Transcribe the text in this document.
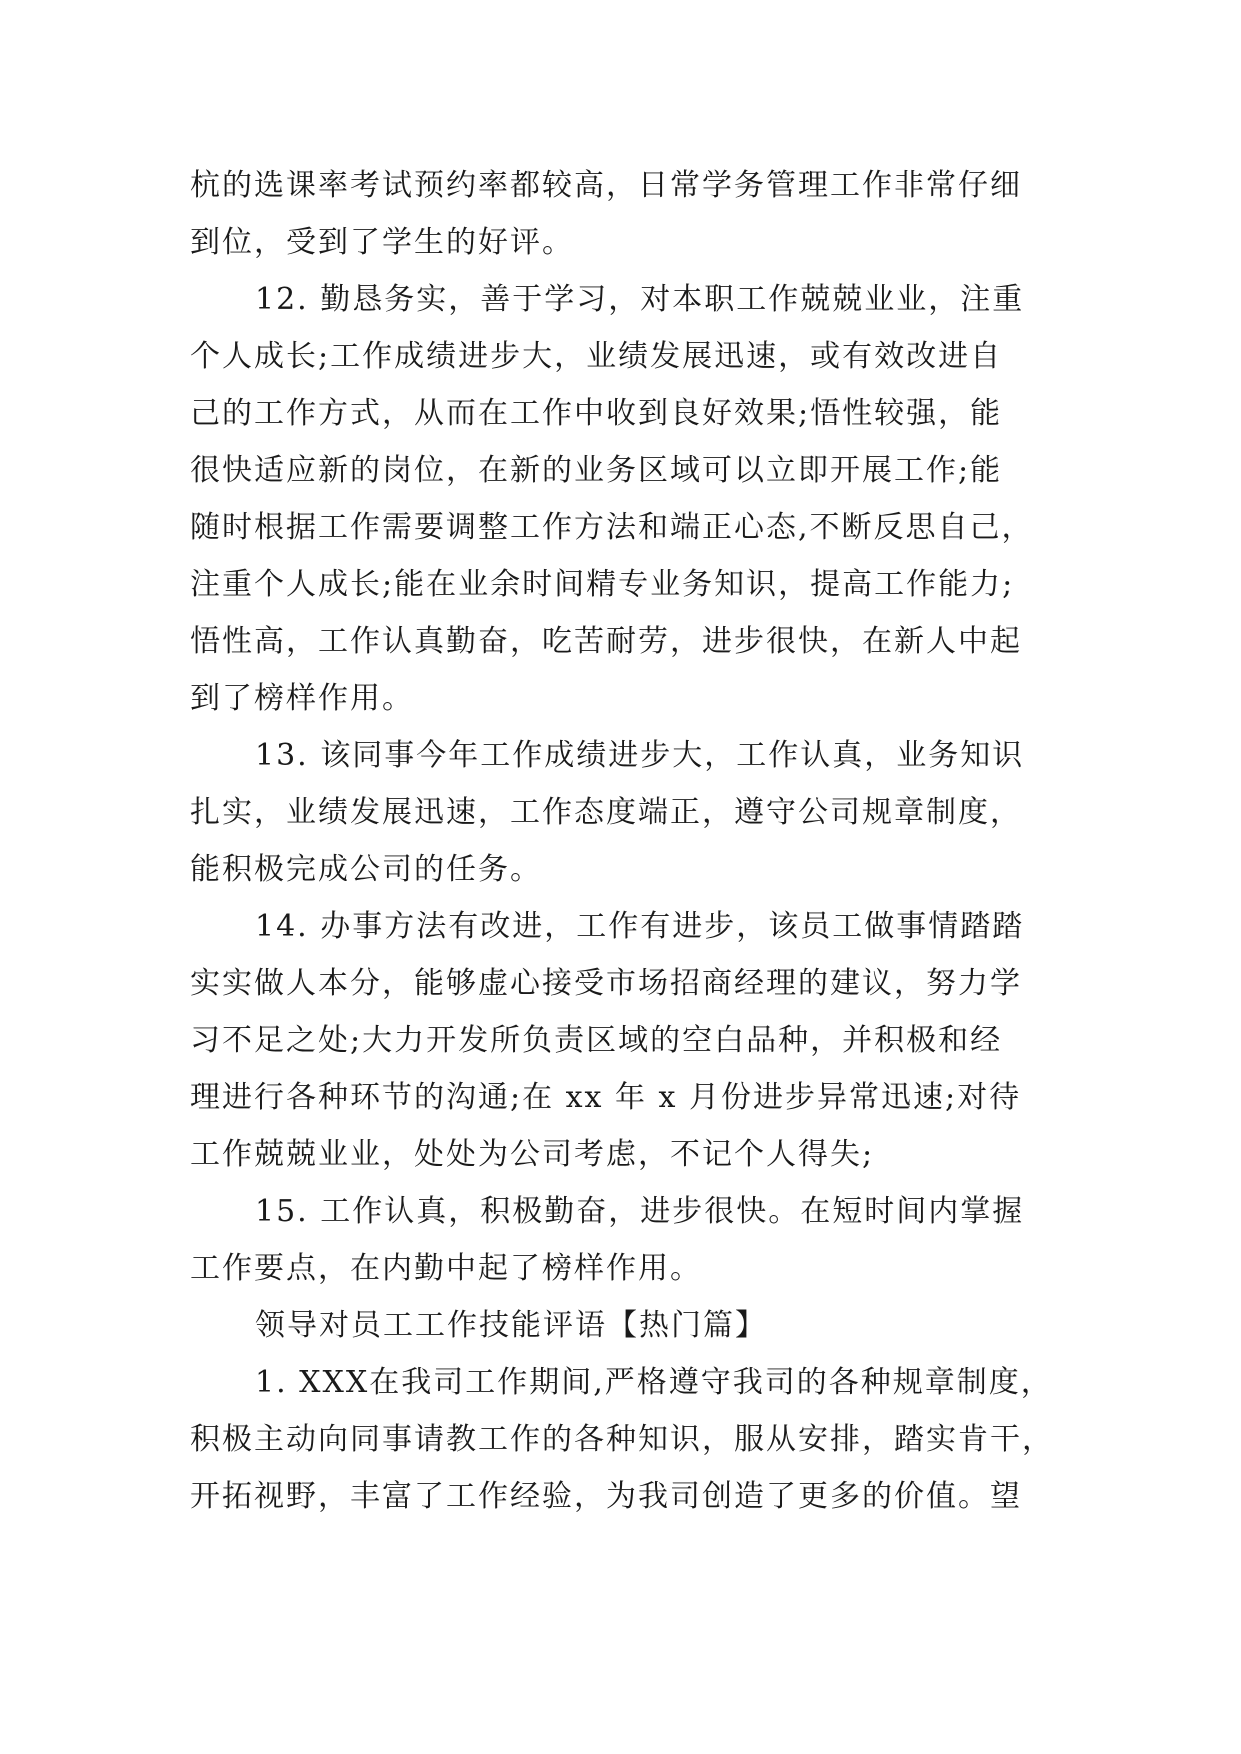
杭的选课率考试预约率都较高，日常学务管理工作非常仔细
到位，受到了学生的好评。
12. 勤恳务实，善于学习，对本职工作兢兢业业，注重
个人成长;工作成绩进步大，业绩发展迅速，或有效改进自
己的工作方式，从而在工作中收到良好效果;悟性较强，能
很快适应新的岗位，在新的业务区域可以立即开展工作;能
随时根据工作需要调整工作方法和端正心态,不断反思自己，
注重个人成长;能在业余时间精专业务知识，提高工作能力;
悟性高，工作认真勤奋，吃苦耐劳，进步很快，在新人中起
到了榜样作用。
13. 该同事今年工作成绩进步大，工作认真，业务知识
扎实，业绩发展迅速，工作态度端正，遵守公司规章制度，
能积极完成公司的任务。
14. 办事方法有改进，工作有进步，该员工做事情踏踏
实实做人本分，能够虚心接受市场招商经理的建议，努力学
习不足之处;大力开发所负责区域的空白品种，并积极和经
理进行各种环节的沟通;在 xx 年 x 月份进步异常迅速;对待
工作兢兢业业，处处为公司考虑，不记个人得失;
15. 工作认真，积极勤奋，进步很快。在短时间内掌握
工作要点，在内勤中起了榜样作用。
领导对员工工作技能评语【热门篇】
1. XXX在我司工作期间,严格遵守我司的各种规章制度，
积极主动向同事请教工作的各种知识，服从安排，踏实肯干，
开拓视野，丰富了工作经验，为我司创造了更多的价值。望
